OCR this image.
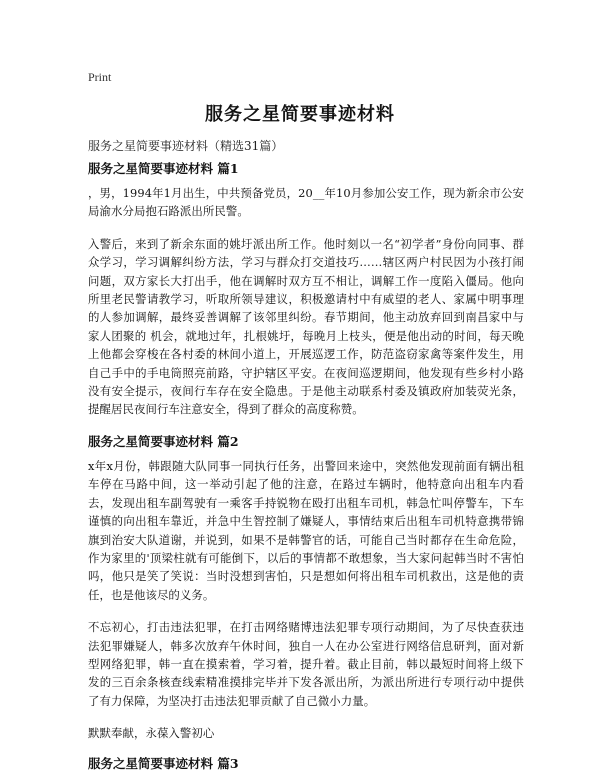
Print
服务之星简要事迹材料
服务之星简要事迹材料（精选31篇）
服务之星简要事迹材料 篇1

，男，1994年1月出生，中共预备党员，20__年10月参加公安工作，现为新余市公安局渝水分局抱石路派出所民警。

入警后，来到了新余东面的姚圩派出所工作。他时刻以一名“初学者”身份向同事、群众学习，学习调解纠纷方法，学习与群众打交道技巧……辖区两户村民因为小孩打闹问题，双方家长大打出手，他在调解时双方互不相让，调解工作一度陷入僵局。他向所里老民警请教学习，听取所领导建议，积极邀请村中有威望的老人、家属中明事理的人参加调解，最终妥善调解了该邻里纠纷。春节期间，他主动放弃回到南昌家中与家人团聚的 机会，就地过年，扎根姚圩，每晚月上枝头，便是他出动的时间，每天晚上他都会穿梭在各村委的林间小道上，开展巡逻工作，防范盗窃家禽等案件发生，用自己手中的手电筒照亮前路，守护辖区平安。在夜间巡逻期间，他发现有些乡村小路没有安全提示，夜间行车存在安全隐患。于是他主动联系村委及镇政府加装荧光条，提醒居民夜间行车注意安全，得到了群众的高度称赞。

服务之星简要事迹材料 篇2

x年x月份，韩跟随大队同事一同执行任务，出警回来途中，突然他发现前面有辆出租车停在马路中间，这一举动引起了他的注意，在路过车辆时，他特意向出租车内看去，发现出租车副驾驶有一乘客手持锐物在殴打出租车司机，韩急忙叫停警车，下车谨慎的向出租车靠近，并急中生智控制了嫌疑人，事情结束后出租车司机特意携带锦旗到治安大队道谢，并说到，如果不是韩警官的话，可能自己当时都存在生命危险，作为家里的'顶梁柱就有可能倒下，以后的事情都不敢想象，当大家问起韩当时不害怕吗，他只是笑了笑说：当时没想到害怕，只是想如何将出租车司机救出，这是他的责任，也是他该尽的义务。

不忘初心，打击违法犯罪，在打击网络赌博违法犯罪专项行动期间，为了尽快查获违法犯罪嫌疑人，韩多次放弃午休时间，独自一人在办公室进行网络信息研判，面对新型网络犯罪，韩一直在摸索着，学习着，提升着。截止目前，韩以最短时间将上级下发的三百余条核查线索精准摸排完毕并下发各派出所，为派出所进行专项行动中提供了有力保障，为坚决打击违法犯罪贡献了自己微小力量。

默默奉献，永葆入警初心

服务之星简要事迹材料 篇3
